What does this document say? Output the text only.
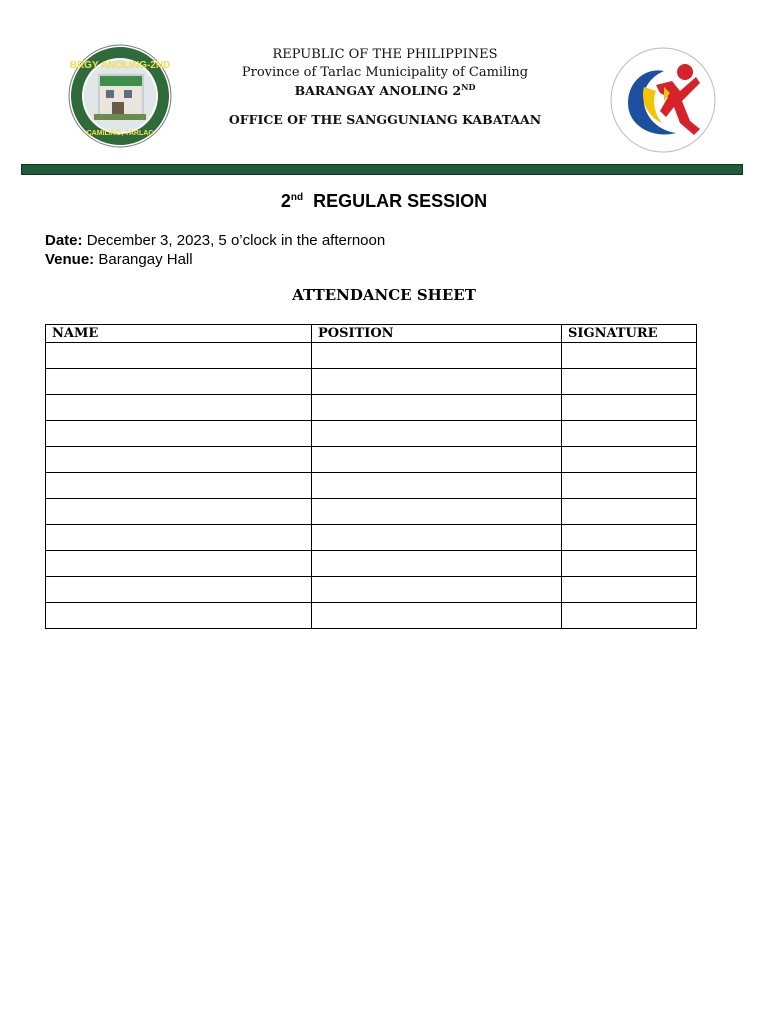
BRGY ANOLING-2ND
CAMILING, TARLAC
REPUBLIC OF THE PHILIPPINES
Province of Tarlac Municipality of Camiling
BARANGAY ANOLING 2ND
OFFICE OF THE SANGGUNIANG KABATAAN
2nd REGULAR SESSION
Date: December 3, 2023, 5 o’clock in the afternoon
Venue: Barangay Hall
ATTENDANCE SHEET
NAME	POSITION	SIGNATURE
